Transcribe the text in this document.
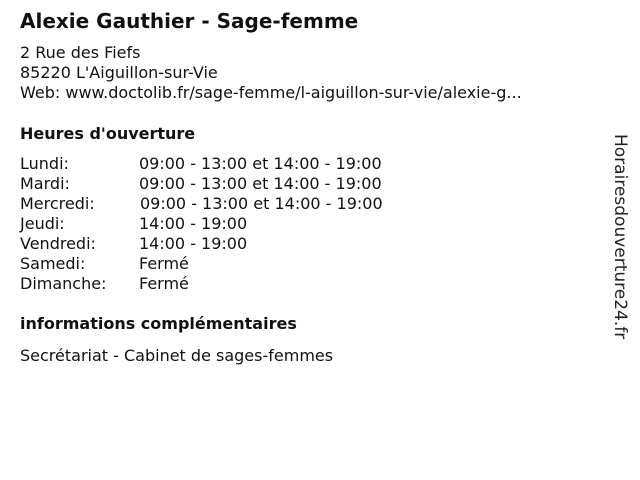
Alexie Gauthier - Sage-femme
2 Rue des Fiefs
85220 L'Aiguillon-sur-Vie
Web: www.doctolib.fr/sage-femme/l-aiguillon-sur-vie/alexie-g...
Heures d'ouverture
Lundi:	09:00 - 13:00 et 14:00 - 19:00
Mardi:	09:00 - 13:00 et 14:00 - 19:00
Mercredi:	09:00 - 13:00 et 14:00 - 19:00
Jeudi:	14:00 - 19:00
Vendredi:	14:00 - 19:00
Samedi:	Fermé
Dimanche: Fermé
informations complémentaires
Secrétariat - Cabinet de sages-femmes
Horairesdouverture24.fr
